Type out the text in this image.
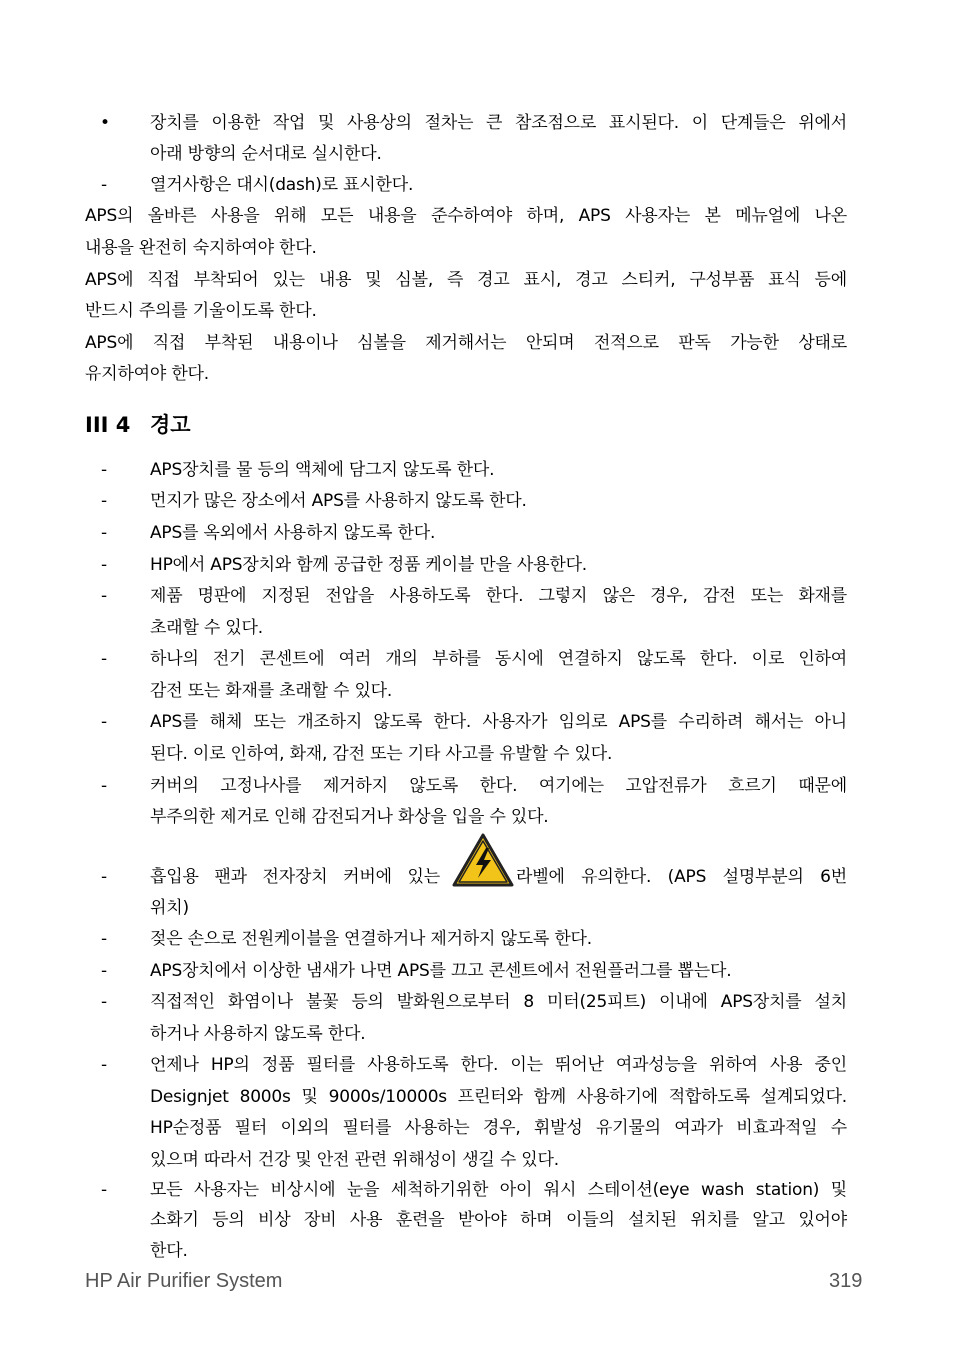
• 장치를 이용한 작업 및 사용상의 절차는 큰 참조점으로 표시된다. 이 단계들은 위에서
아래 방향의 순서대로 실시한다.
-	열거사항은 대시(dash)로 표시한다.
APS의 올바른 사용을 위해 모든 내용을 준수하여야 하며, APS 사용자는 본 메뉴얼에 나온
내용을 완전히 숙지하여야 한다.
APS에 직접 부착되어 있는 내용 및 심볼, 즉 경고 표시, 경고 스티커, 구성부품 표식 등에
반드시 주의를 기울이도록 한다.
APS에 직접 부착된 내용이나 심볼을 제거해서는 안되며 전적으로 판독 가능한 상태로
유지하여야 한다.
III 4 경고
-	APS장치를 물 등의 액체에 담그지 않도록 한다.
-	먼지가 많은 장소에서 APS를 사용하지 않도록 한다.
-	APS를 옥외에서 사용하지 않도록 한다.
-	HP에서 APS장치와 함께 공급한 정품 케이블 만을 사용한다.
-	제품 명판에 지정된 전압을 사용하도록 한다. 그렇지 않은 경우, 감전 또는 화재를
초래할 수 있다.
-	하나의 전기 콘센트에 여러 개의 부하를 동시에 연결하지 않도록 한다. 이로 인하여
감전 또는 화재를 초래할 수 있다.
-	APS를 해체 또는 개조하지 않도록 한다. 사용자가 임의로 APS를 수리하려 해서는 아니
된다. 이로 인하여, 화재, 감전 또는 기타 사고를 유발할 수 있다.
-	커버의 고정나사를 제거하지 않도록 한다. 여기에는 고압전류가 흐르기 때문에
부주의한 제거로 인해 감전되거나 화상을 입을 수 있다.
-	흡입용 팬과 전자장치 커버에 있는	라벨에 유의한다. (APS 설명부분의 6번
위치)
-	젖은 손으로 전원케이블을 연결하거나 제거하지 않도록 한다.
-	APS장치에서 이상한 냄새가 나면 APS를 끄고 콘센트에서 전원플러그를 뽑는다.
-	직접적인 화염이나 불꽃 등의 발화원으로부터 8 미터(25피트) 이내에 APS장치를 설치
하거나 사용하지 않도록 한다.
-	언제나 HP의 정품 필터를 사용하도록 한다. 이는 뛰어난 여과성능을 위하여 사용 중인
Designjet 8000s 및 9000s/10000s 프린터와 함께 사용하기에 적합하도록 설계되었다.
HP순정품 필터 이외의 필터를 사용하는 경우, 휘발성 유기물의 여과가 비효과적일 수
있으며 따라서 건강 및 안전 관련 위해성이 생길 수 있다.
-	모든 사용자는 비상시에 눈을 세척하기위한 아이 워시 스테이션(eye wash station) 및
소화기 등의 비상 장비 사용 훈련을 받아야 하며 이들의 설치된 위치를 알고 있어야
한다.
HP Air Purifier System	319
